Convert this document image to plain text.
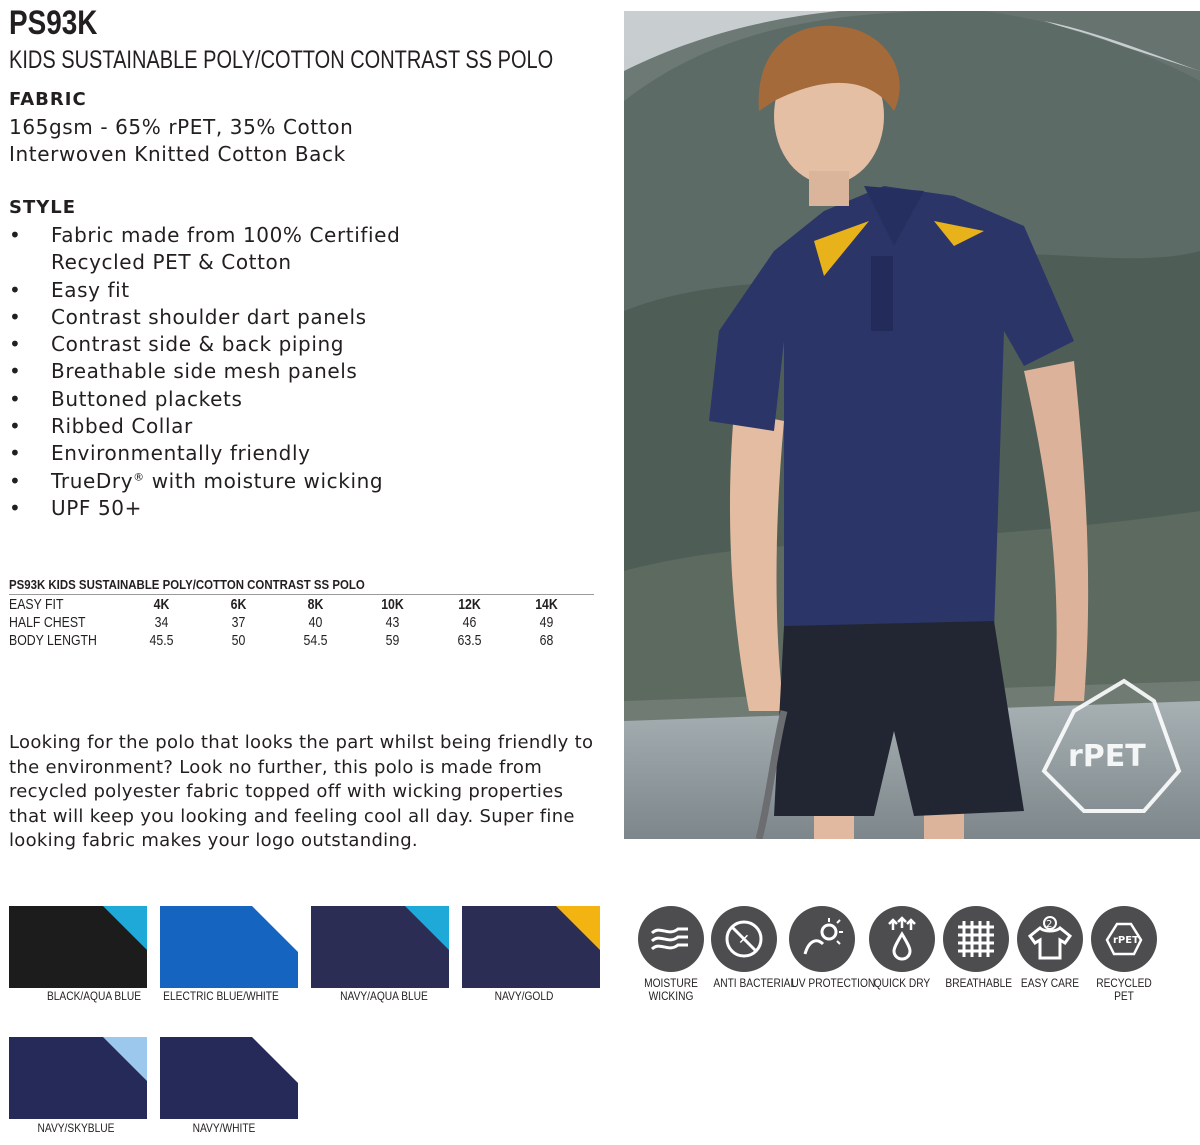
PS93K
KIDS SUSTAINABLE POLY/COTTON CONTRAST SS POLO
FABRIC
165gsm - 65% rPET, 35% Cotton
Interwoven Knitted Cotton Back
STYLE
• Fabric made from 100% Certified
Recycled PET & Cotton
• Easy fit
• Contrast shoulder dart panels
• Contrast side & back piping
• Breathable side mesh panels
• Buttoned plackets
• Ribbed Collar
• Environmentally friendly
• TrueDry® with moisture wicking
• UPF 50+
PS93K KIDS SUSTAINABLE POLY/COTTON CONTRAST SS POLO
EASY FIT	4K	6K	8K	10K	12K	14K
HALF CHEST	34	37	40	43	46	49
BODY LENGTH	45.5	50	54.5	59	63.5	68
Looking for the polo that looks the part whilst being friendly to the environment? Look no further, this polo is made from recycled polyester fabric topped off with wicking properties that will keep you looking and feeling cool all day. Super fine looking fabric makes your logo outstanding.
rPET
BLACK/AQUA BLUE	ELECTRIC BLUE/WHITE	NAVY/AQUA BLUE	NAVY/GOLD
NAVY/SKYBLUE	NAVY/WHITE
MOISTURE
WICKING
✕
ANTI BACTERIAL
UV PROTECTION
QUICK DRY BREATHABLE
2
EASY CARE
rPET
RECYCLED
PET
